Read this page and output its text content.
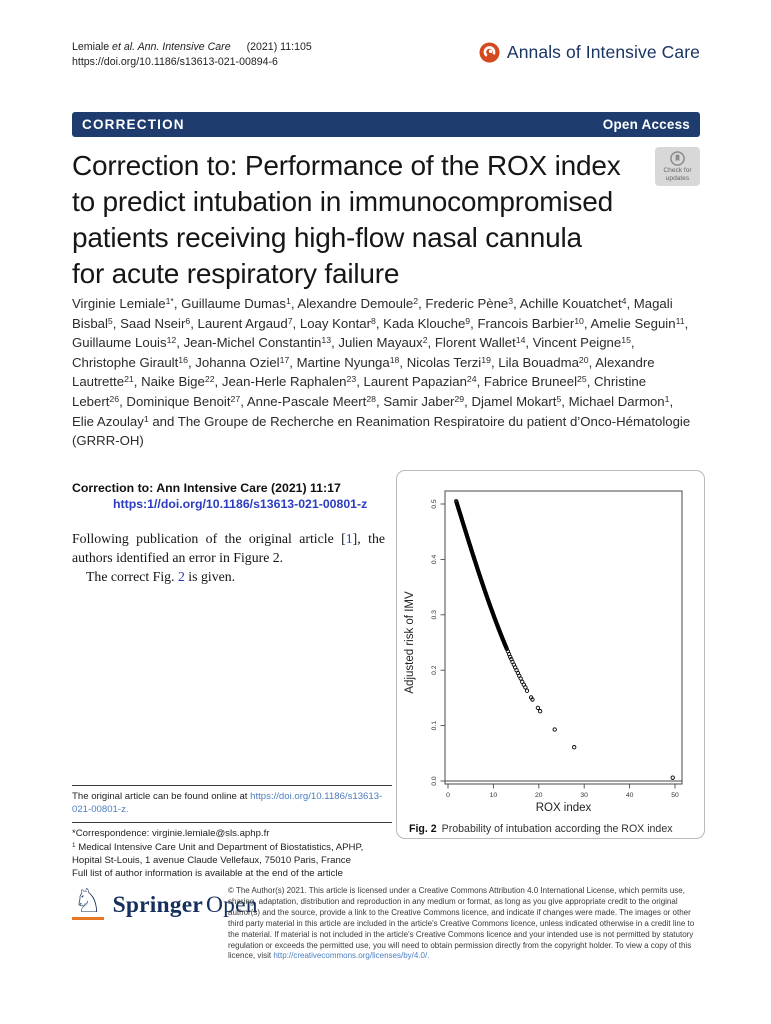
Lemiale et al. Ann. Intensive Care (2021) 11:105
https://doi.org/10.1186/s13613-021-00894-6	Annals of Intensive Care
CORRECTION	Open Access
Correction to: Performance of the ROX index
to predict intubation in immunocompromised
patients receiving high-flow nasal cannula
for acute respiratory failure
Check for
updates
Virginie Lemiale$^{1*}$, Guillaume Dumas$^1$, Alexandre Demoule$^2$, Frederic Pène$^3$, Achille Kouatchet$^4$, Magali Bisbal$^5$, Saad Nseir$^6$, Laurent Argaud$^7$, Loay Kontar$^8$, Kada Klouche$^9$, Francois Barbier$^{10}$, Amelie Seguin$^{11}$, Guillaume Louis$^{12}$, Jean-Michel Constantin$^{13}$, Julien Mayaux$^2$, Florent Wallet$^{14}$, Vincent Peigne$^{15}$, Christophe Girault$^{16}$, Johanna Oziel$^{17}$, Martine Nyunga$^{18}$, Nicolas Terzi$^{19}$, Lila Bouadma$^{20}$, Alexandre Lautrette$^{21}$, Naike Bige$^{22}$, Jean-Herle Raphalen$^{23}$, Laurent Papazian$^{24}$, Fabrice Bruneel$^{25}$, Christine Lebert$^{26}$, Dominique Benoit$^{27}$, Anne-Pascale Meert$^{28}$, Samir Jaber$^{29}$, Djamel Mokart$^5$, Michael Darmon$^1$, Elie Azoulay$^1$ and The Groupe de Recherche en Reanimation Respiratoire du patient d’Onco-Hématologie (GRRR-OH)
Correction to: Ann Intensive Care (2021) 11:17
https:1//doi.org/10.1186/s13613-021-00801-z
Following publication of the original article [1], the authors identified an error in Figure 2.
The correct Fig. 2 is given.
0	10	20	30	40	50
0.0
0.1
0.2
0.3
0.4
0.5
Adjusted risk of IMV
ROX index
Fig. 2 Probability of intubation according the ROX index
The original article can be found online at https://doi.org/10.1186/s13613-021-00801-z.
*Correspondence: virginie.lemiale@sls.aphp.fr
$^1$ Medical Intensive Care Unit and Department of Biostatistics, APHP, Hopital St-Louis, 1 avenue Claude Vellefaux, 75010 Paris, France
Full list of author information is available at the end of the article
♘ Springer Open
© The Author(s) 2021. This article is licensed under a Creative Commons Attribution 4.0 International License, which permits use, sharing, adaptation, distribution and reproduction in any medium or format, as long as you give appropriate credit to the original author(s) and the source, provide a link to the Creative Commons licence, and indicate if changes were made. The images or other third party material in this article are included in the article's Creative Commons licence, unless indicated otherwise in a credit line to the material. If material is not included in the article's Creative Commons licence and your intended use is not permitted by statutory regulation or exceeds the permitted use, you will need to obtain permission directly from the copyright holder. To view a copy of this licence, visit http://creativecommons.org/licenses/by/4.0/.
